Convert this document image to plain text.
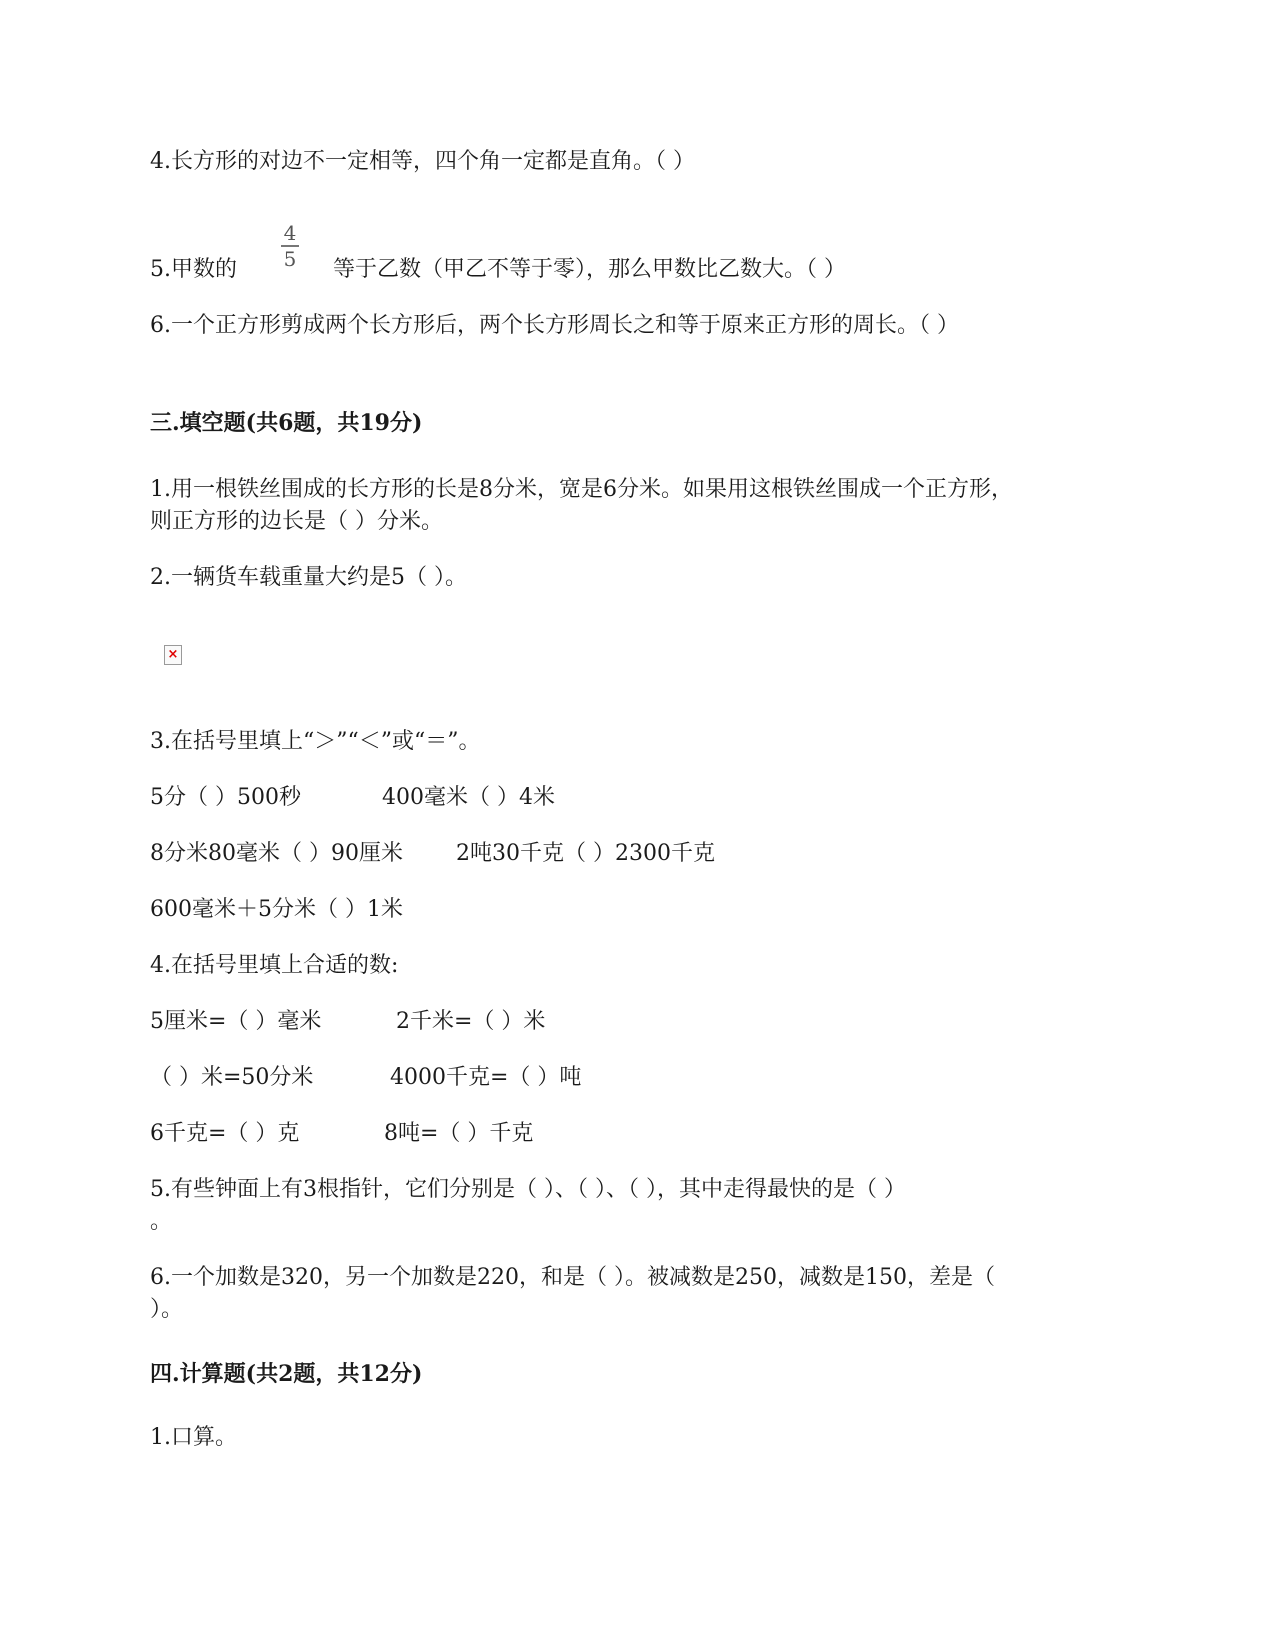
4.长方形的对边不一定相等，四个角一定都是直角。（ ）
5.甲数的
4
5 等于乙数（甲乙不等于零），那么甲数比乙数大。（ ）
6.一个正方形剪成两个长方形后，两个长方形周长之和等于原来正方形的周长。（ ）
三.填空题(共6题，共19分)
1.用一根铁丝围成的长方形的长是8分米，宽是6分米。如果用这根铁丝围成一个正方形，
则正方形的边长是（ ）分米。
2.一辆货车载重量大约是5（ ）。
×
3.在括号里填上“＞”“＜”或“＝”。
5分（ ）500秒	400毫米（ ）4米
8分米80毫米（ ）90厘米 2吨30千克（ ）2300千克
600毫米＋5分米（ ）1米
4.在括号里填上合适的数:
5厘米=（ ）毫米	2千米=（ ）米
（ ）米=50分米	4000千克=（ ）吨
6千克=（ ）克	8吨=（ ）千克
5.有些钟面上有3根指针，它们分别是（ ）、（ ）、（ ），其中走得最快的是（ ）
。
6.一个加数是320，另一个加数是220，和是（ ）。被减数是250，减数是150，差是（
）。
四.计算题(共2题，共12分)
1.口算。
